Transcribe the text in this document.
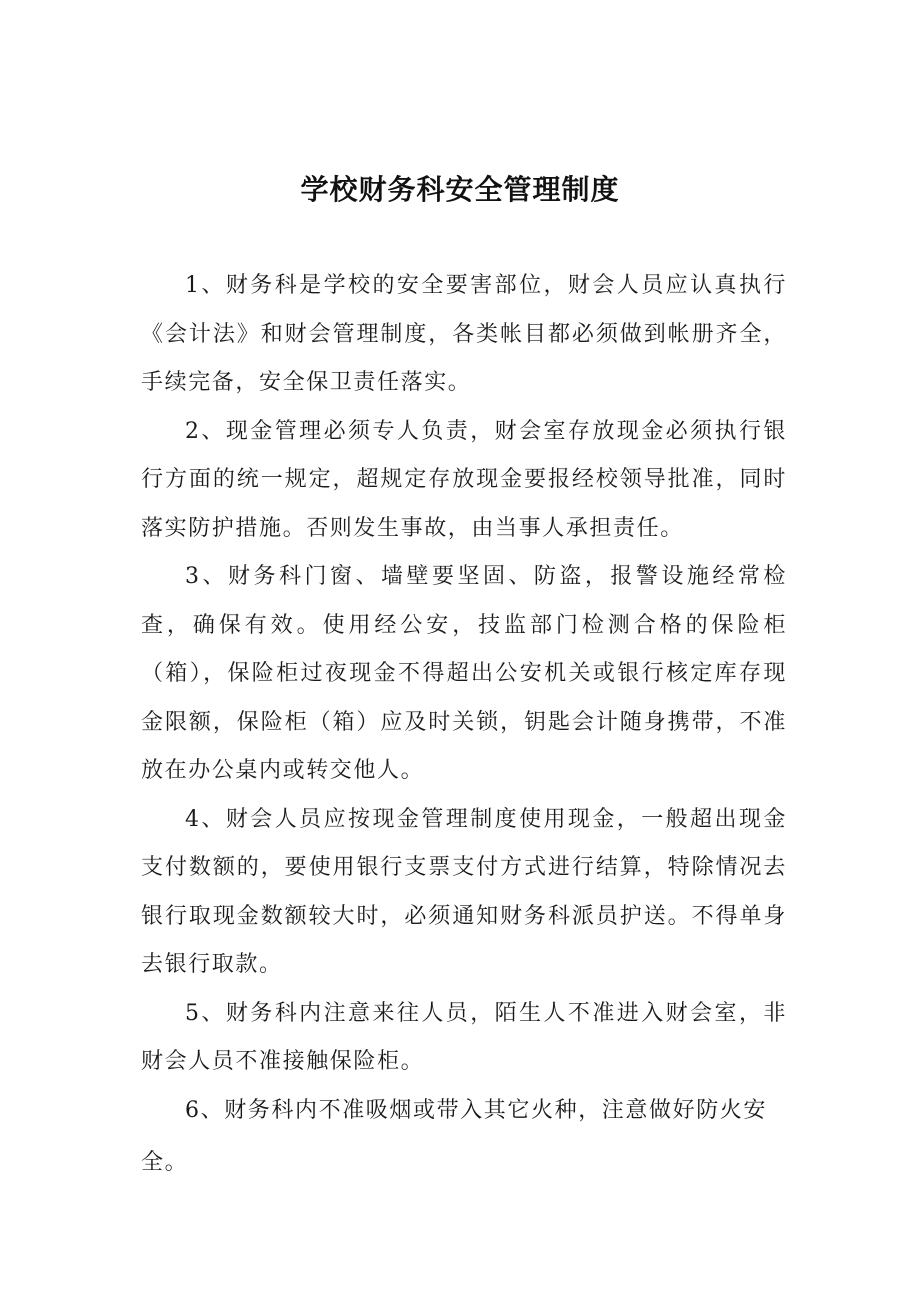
学校财务科安全管理制度

1、财务科是学校的安全要害部位，财会人员应认真执行《会计法》和财会管理制度，各类帐目都必须做到帐册齐全，手续完备，安全保卫责任落实。

2、现金管理必须专人负责，财会室存放现金必须执行银行方面的统一规定，超规定存放现金要报经校领导批准，同时落实防护措施。否则发生事故，由当事人承担责任。

3、财务科门窗、墙壁要坚固、防盗，报警设施经常检查，确保有效。使用经公安，技监部门检测合格的保险柜（箱），保险柜过夜现金不得超出公安机关或银行核定库存现金限额，保险柜（箱）应及时关锁，钥匙会计随身携带，不准放在办公桌内或转交他人。

4、财会人员应按现金管理制度使用现金，一般超出现金支付数额的，要使用银行支票支付方式进行结算，特除情况去银行取现金数额较大时，必须通知财务科派员护送。不得单身去银行取款。

5、财务科内注意来往人员，陌生人不准进入财会室，非财会人员不准接触保险柜。

6、财务科内不准吸烟或带入其它火种，注意做好防火安

全。
